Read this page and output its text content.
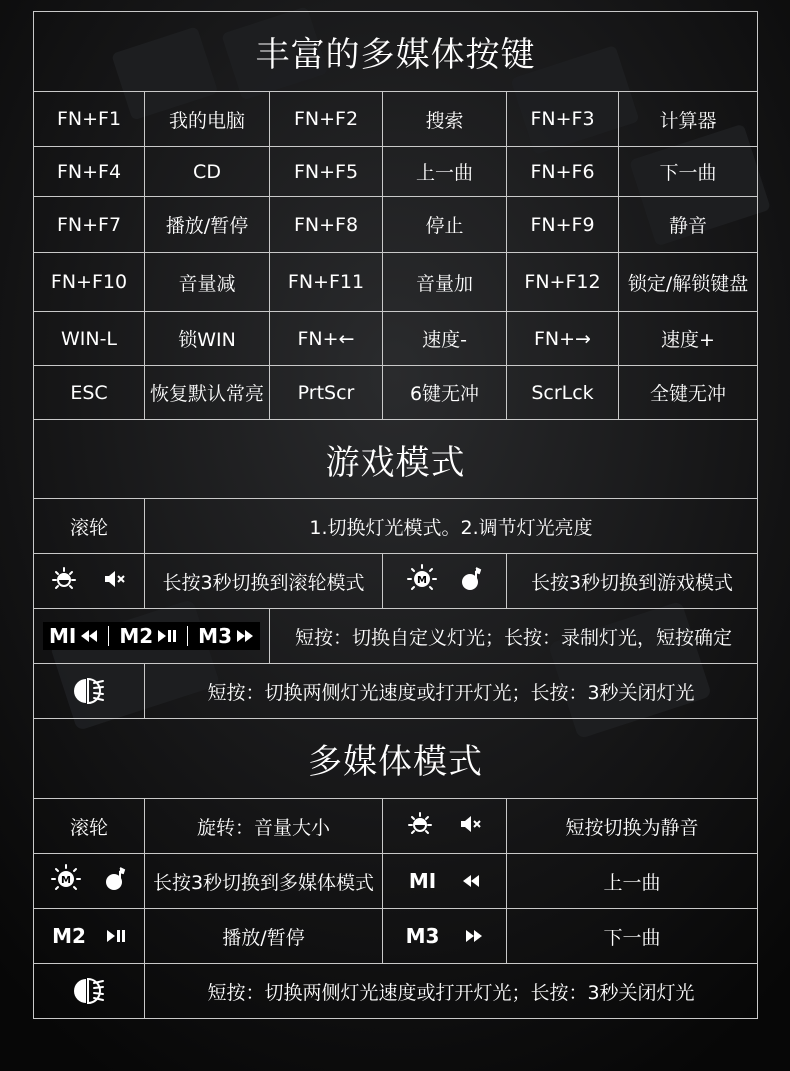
丰富的多媒体按键					
FN+F1	我的电脑	FN+F2	搜索	FN+F3	计算器
FN+F4	CD	FN+F5	上一曲	FN+F6	下一曲
FN+F7	播放/暂停	FN+F8	停止	FN+F9	静音
FN+F10	音量减	FN+F11	音量加	FN+F12	锁定/解锁键盘
WIN-L	锁WIN	FN+←	速度-	FN+→	速度+
ESC	恢复默认常亮	PrtScr	6键无冲	ScrLck	全键无冲
游戏模式					
滚轮	1.切换灯光模式。2.调节灯光亮度				

	长按3秒切换到滚轮模式		M	长按3秒切换到游戏模式	

MI M2 M3		短按：切换自定义灯光；长按：录制灯光，短按确定			
	短按：切换两侧灯光速度或打开灯光；长按：3秒关闭灯光				
多媒体模式					
滚轮	旋转：音量大小			短按切换为静音	

M	长按3秒切换到多媒体模式		MI	上一曲	

M2	播放/暂停		M3	下一曲	
	短按：切换两侧灯光速度或打开灯光；长按：3秒关闭灯光				
